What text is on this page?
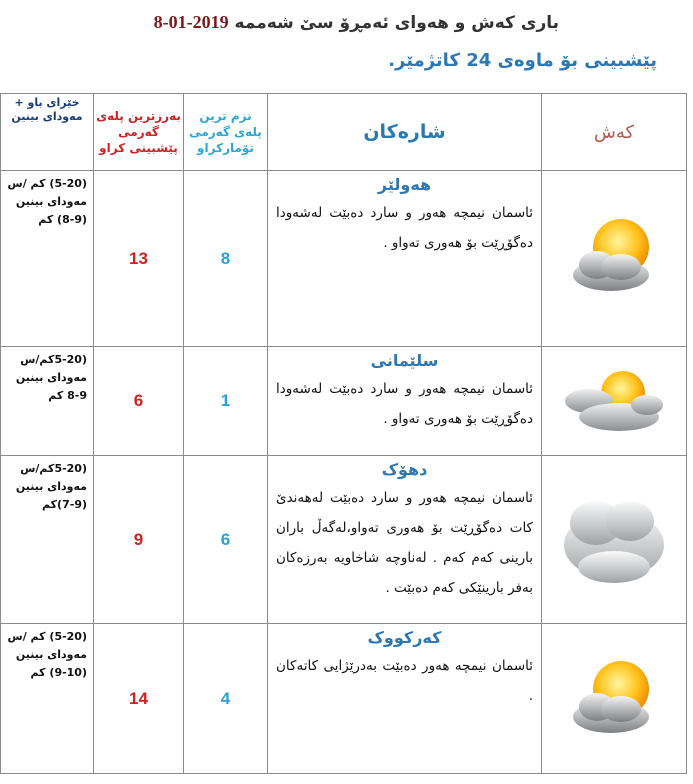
باری کەش و هەوای ئەمڕۆ سێ شەممە 2019-01-8
پێشبینی بۆ ماوەی 24 کاتژمێر.
کەش	شارەکان	نزم ترین پلەی گەرمی تۆمارکراو	بەرزترین پلەی گەرمی پێشبینی کراو	خێرای باو + مەودای بینین

هەولێر
ئاسمان نیمچە هەور و سارد دەبێت لەشەودا دەگۆڕێت بۆ هەوری تەواو .	8	13	(5-20) کم /س
مەودای بینین
(8-9) کم

سلێمانی
ئاسمان نیمچە هەور و سارد دەبێت لەشەودا دەگۆڕێت بۆ هەوری تەواو .	1	6	(5-20کم/س
مەودای بینین
8-9 کم

دهۆک
ئاسمان نیمچە هەور و سارد دەبێت لەهەندێ کات دەگۆڕێت بۆ هەوری تەواو،لەگەڵ باران بارینی کەم کەم . لەناوچە شاخاویە بەرزەکان بەفر بارینێکی کەم دەبێت .	6	9	(5-20کم/س
مەودای بینین
(7-9)کم

کەرکووک
ئاسمان نیمچە هەور دەبێت بەدرێژایی کاتەکان .	4	14	(5-20) کم /س
مەودای بینین
(9-10) کم
